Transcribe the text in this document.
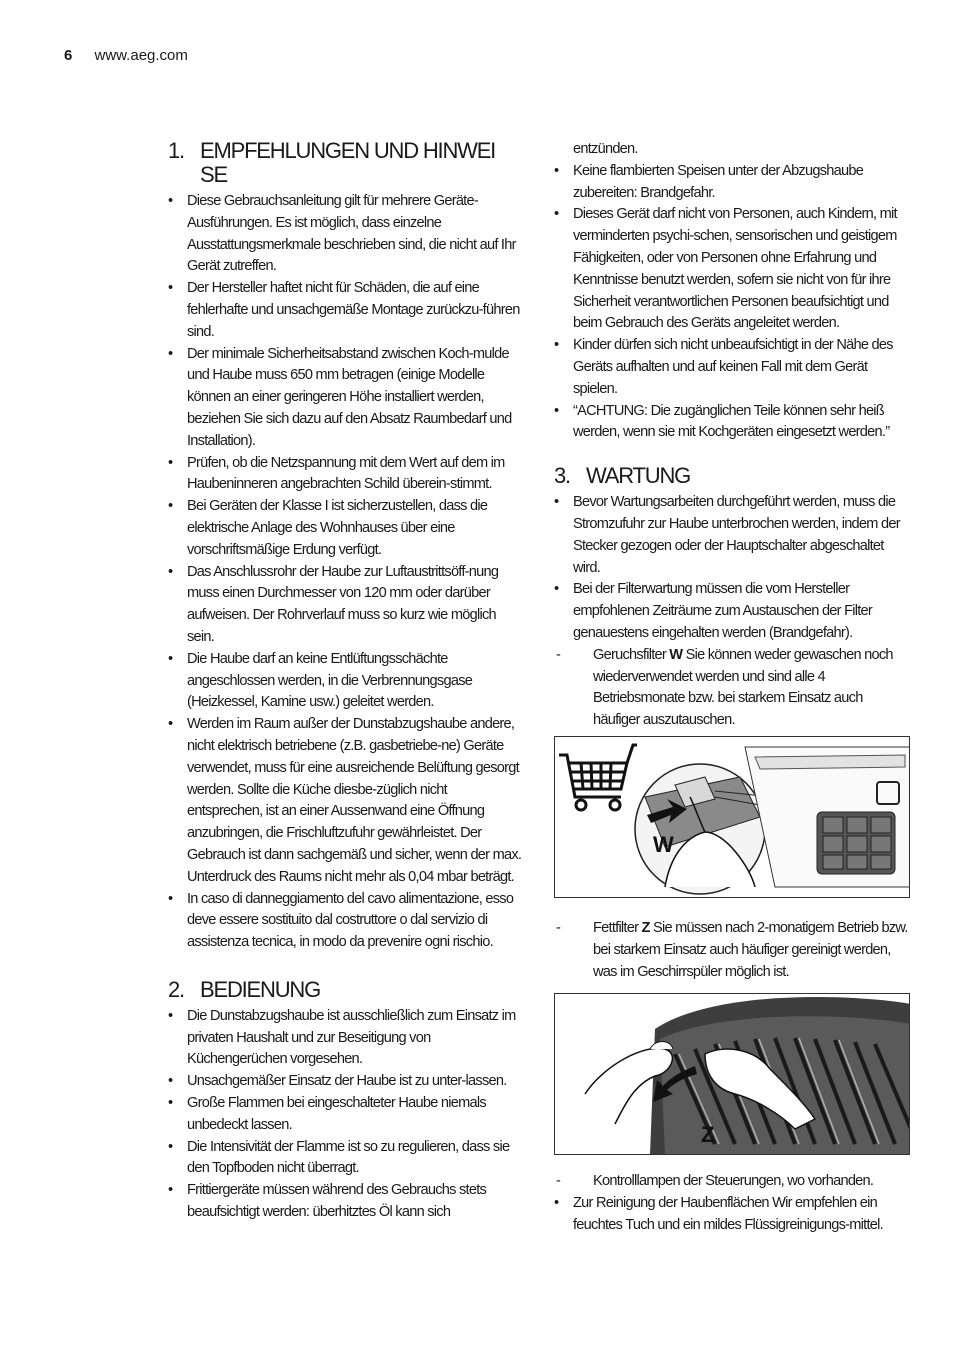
6 www.aeg.com
1. EMPFEHLUNGEN UND HINWEI SE
• Diese Gebrauchsanleitung gilt für mehrere Geräte-Ausführungen. Es ist möglich, dass einzelne Ausstattungsmerkmale beschrieben sind, die nicht auf Ihr Gerät zutreffen.
• Der Hersteller haftet nicht für Schäden, die auf eine fehlerhafte und unsachgemäße Montage zurückzu-führen sind.
• Der minimale Sicherheitsabstand zwischen Koch-mulde und Haube muss 650 mm betragen (einige Modelle können an einer geringeren Höhe installiert werden, beziehen Sie sich dazu auf den Absatz Raumbedarf und Installation).
• Prüfen, ob die Netzspannung mit dem Wert auf dem im Haubeninneren angebrachten Schild überein-stimmt.
• Bei Geräten der Klasse I ist sicherzustellen, dass die elektrische Anlage des Wohnhauses über eine vorschriftsmäßige Erdung verfügt.
• Das Anschlussrohr der Haube zur Luftaustrittsöff-nung muss einen Durchmesser von 120 mm oder darüber aufweisen. Der Rohrverlauf muss so kurz wie möglich sein.
• Die Haube darf an keine Entlüftungsschächte angeschlossen werden, in die Verbrennungsgase (Heizkessel, Kamine usw.) geleitet werden.
• Werden im Raum außer der Dunstabzugshaube andere, nicht elektrisch betriebene (z.B. gasbetriebe-ne) Geräte verwendet, muss für eine ausreichende Belüftung gesorgt werden. Sollte die Küche diesbe-züglich nicht entsprechen, ist an einer Aussenwand eine Öffnung anzubringen, die Frischluftzufuhr gewährleistet. Der Gebrauch ist dann sachgemäß und sicher, wenn der max. Unterdruck des Raums nicht mehr als 0,04 mbar beträgt.
• In caso di danneggiamento del cavo alimentazione, esso deve essere sostituito dal costruttore o dal servizio di assistenza tecnica, in modo da prevenire ogni rischio.
2. BEDIENUNG
• Die Dunstabzugshaube ist ausschließlich zum Einsatz im privaten Haushalt und zur Beseitigung von Küchengerüchen vorgesehen.
• Unsachgemäßer Einsatz der Haube ist zu unter-lassen.
• Große Flammen bei eingeschalteter Haube niemals unbedeckt lassen.
• Die Intensivität der Flamme ist so zu regulieren, dass sie den Topfboden nicht überragt.
• Frittiergeräte müssen während des Gebrauchs stets beaufsichtigt werden: überhitztes Öl kann sich
entzünden.
• Keine flambierten Speisen unter der Abzugshaube zubereiten: Brandgefahr.
• Dieses Gerät darf nicht von Personen, auch Kindern, mit verminderten psychi-schen, sensorischen und geistigem Fähigkeiten, oder von Personen ohne Erfahrung und Kenntnisse benutzt werden, sofern sie nicht von für ihre Sicherheit verantwortlichen Personen beaufsichtigt und beim Gebrauch des Geräts angeleitet werden.
• Kinder dürfen sich nicht unbeaufsichtigt in der Nähe des Geräts aufhalten und auf keinen Fall mit dem Gerät spielen.
• “ACHTUNG: Die zugänglichen Teile können sehr heiß werden, wenn sie mit Kochgeräten eingesetzt werden.”
3. WARTUNG
• Bevor Wartungsarbeiten durchgeführt werden, muss die Stromzufuhr zur Haube unterbrochen werden, indem der Stecker gezogen oder der Hauptschalter abgeschaltet wird.
• Bei der Filterwartung müssen die vom Hersteller empfohlenen Zeiträume zum Austauschen der Filter genauestens eingehalten werden (Brandgefahr).
- Geruchsfilter W Sie können weder gewaschen noch wiederverwendet werden und sind alle 4 Betriebsmonate bzw. bei starkem Einsatz auch häufiger auszutauschen.
W
- Fettfilter Z Sie müssen nach 2-monatigem Betrieb bzw. bei starkem Einsatz auch häufiger gereinigt werden, was im Geschirrspüler möglich ist.
Z
- Kontrolllampen der Steuerungen, wo vorhanden.
• Zur Reinigung der Haubenflächen Wir empfehlen ein feuchtes Tuch und ein mildes Flüssigreinigungs-mittel.
